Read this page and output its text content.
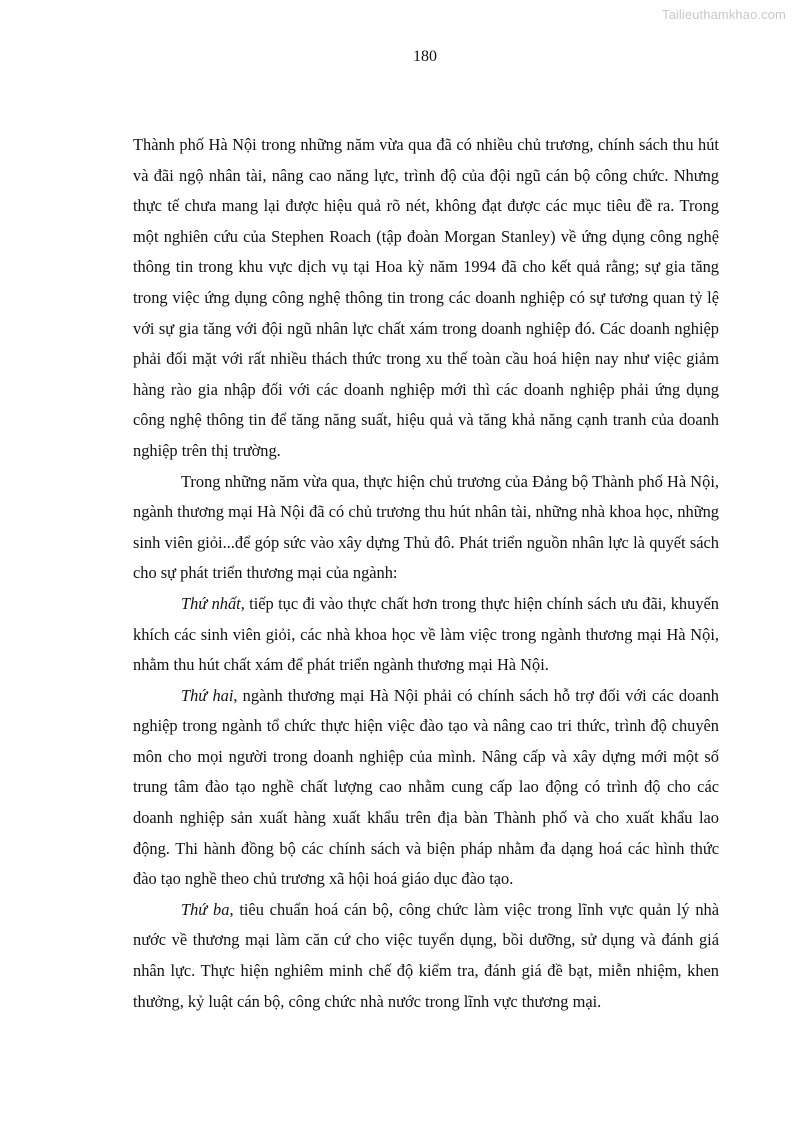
Tailieuthamkhao.com
180

Thành phố Hà Nội trong những năm vừa qua đã có nhiều chủ trương, chính sách thu hút và đãi ngộ nhân tài, nâng cao năng lực, trình độ của đội ngũ cán bộ công chức. Nhưng thực tế chưa mang lại được hiệu quả rõ nét, không đạt được các mục tiêu đề ra. Trong một nghiên cứu của Stephen Roach (tập đoàn Morgan Stanley) về ứng dụng công nghệ thông tin trong khu vực dịch vụ tại Hoa kỳ năm 1994 đã cho kết quả rằng; sự gia tăng trong việc ứng dụng công nghệ thông tin trong các doanh nghiệp có sự tương quan tỷ lệ với sự gia tăng với đội ngũ nhân lực chất xám trong doanh nghiệp đó. Các doanh nghiệp phải đối mặt với rất nhiều thách thức trong xu thế toàn cầu hoá hiện nay như việc giảm hàng rào gia nhập đối với các doanh nghiệp mới thì các doanh nghiệp phải ứng dụng công nghệ thông tin để tăng năng suất, hiệu quả và tăng khả năng cạnh tranh của doanh nghiệp trên thị trường.

Trong những năm vừa qua, thực hiện chủ trương của Đảng bộ Thành phố Hà Nội, ngành thương mại Hà Nội đã có chủ trương thu hút nhân tài, những nhà khoa học, những sinh viên giỏi...để góp sức vào xây dựng Thủ đô. Phát triển nguồn nhân lực là quyết sách cho sự phát triển thương mại của ngành:

Thứ nhất, tiếp tục đi vào thực chất hơn trong thực hiện chính sách ưu đãi, khuyến khích các sinh viên giỏi, các nhà khoa học về làm việc trong ngành thương mại Hà Nội, nhằm thu hút chất xám để phát triển ngành thương mại Hà Nội.

Thứ hai, ngành thương mại Hà Nội phải có chính sách hỗ trợ đối với các doanh nghiệp trong ngành tổ chức thực hiện việc đào tạo và nâng cao tri thức, trình độ chuyên môn cho mọi người trong doanh nghiệp của mình. Nâng cấp và xây dựng mới một số trung tâm đào tạo nghề chất lượng cao nhằm cung cấp lao động có trình độ cho các doanh nghiệp sản xuất hàng xuất khẩu trên địa bàn Thành phố và cho xuất khẩu lao động. Thi hành đồng bộ các chính sách và biện pháp nhằm đa dạng hoá các hình thức đào tạo nghề theo chủ trương xã hội hoá giáo dục đào tạo.

Thứ ba, tiêu chuẩn hoá cán bộ, công chức làm việc trong lĩnh vực quản lý nhà nước về thương mại làm căn cứ cho việc tuyển dụng, bồi dưỡng, sử dụng và đánh giá nhân lực. Thực hiện nghiêm minh chế độ kiểm tra, đánh giá đề bạt, miễn nhiệm, khen thưởng, kỷ luật cán bộ, công chức nhà nước trong lĩnh vực thương mại.
